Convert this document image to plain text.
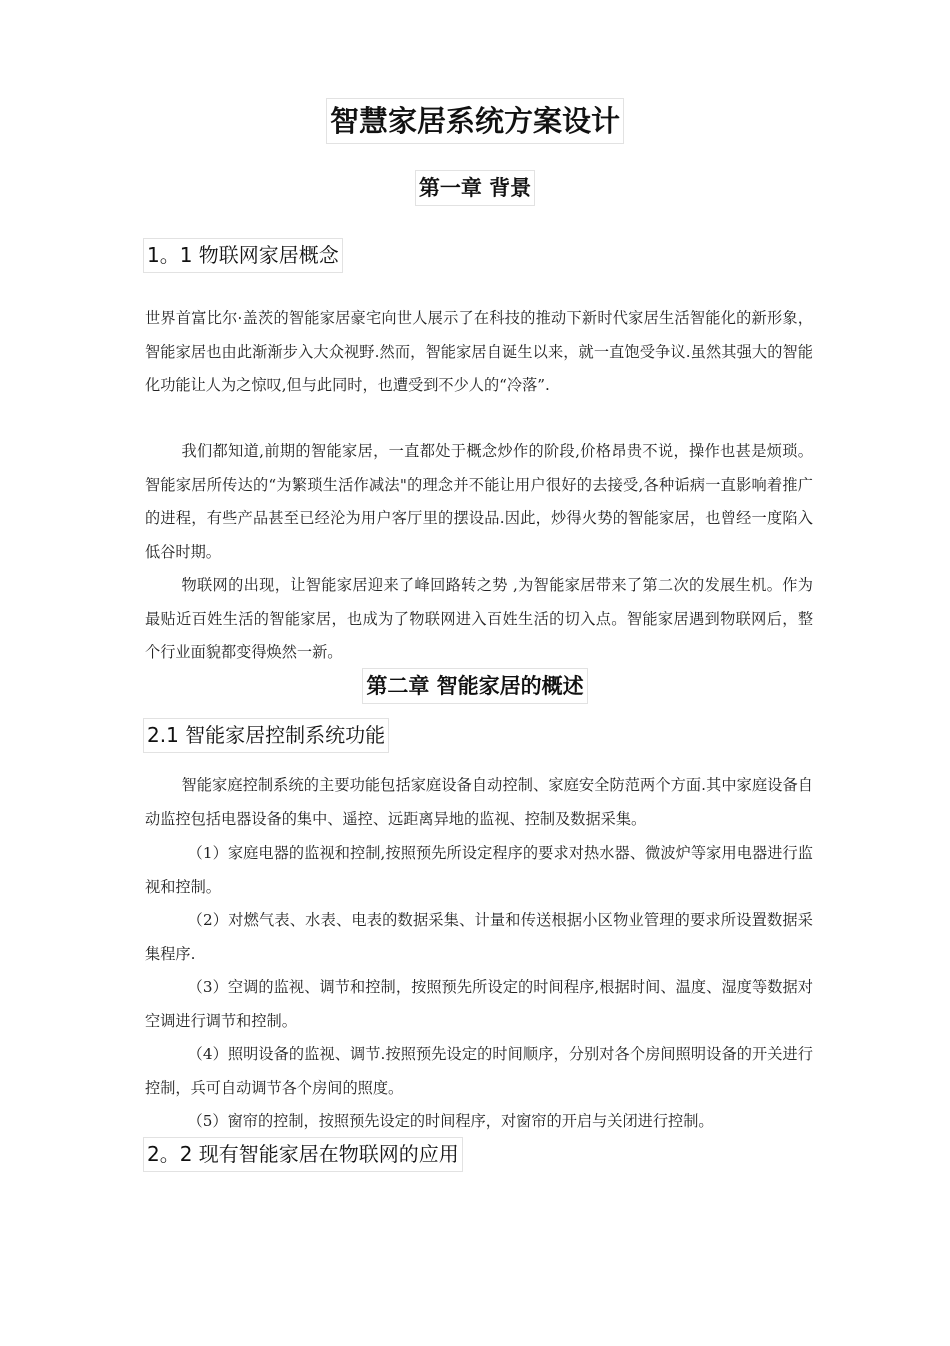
智慧家居系统方案设计
第一章 背景
1。1 物联网家居概念

世界首富比尔·盖茨的智能家居豪宅向世人展示了在科技的推动下新时代家居生活智能化的新形象，智能家居也由此渐渐步入大众视野.然而，智能家居自诞生以来，就一直饱受争议.虽然其强大的智能化功能让人为之惊叹,但与此同时，也遭受到不少人的“冷落”.

我们都知道,前期的智能家居，一直都处于概念炒作的阶段,价格昂贵不说，操作也甚是烦琐。智能家居所传达的“为繁琐生活作减法"的理念并不能让用户很好的去接受,各种诟病一直影响着推广的进程，有些产品甚至已经沦为用户客厅里的摆设品.因此，炒得火势的智能家居，也曾经一度陷入低谷时期。

物联网的出现，让智能家居迎来了峰回路转之势 ,为智能家居带来了第二次的发展生机。作为最贴近百姓生活的智能家居，也成为了物联网进入百姓生活的切入点。智能家居遇到物联网后，整个行业面貌都变得焕然一新。

第二章 智能家居的概述
2.1 智能家居控制系统功能

智能家庭控制系统的主要功能包括家庭设备自动控制、家庭安全防范两个方面.其中家庭设备自动监控包括电器设备的集中、遥控、远距离异地的监视、控制及数据采集。

（1）家庭电器的监视和控制,按照预先所设定程序的要求对热水器、微波炉等家用电器进行监视和控制。

（2）对燃气表、水表、电表的数据采集、计量和传送根据小区物业管理的要求所设置数据采集程序.

（3）空调的监视、调节和控制，按照预先所设定的时间程序,根据时间、温度、湿度等数据对空调进行调节和控制。

（4）照明设备的监视、调节.按照预先设定的时间顺序，分别对各个房间照明设备的开关进行控制，兵可自动调节各个房间的照度。

（5）窗帘的控制，按照预先设定的时间程序，对窗帘的开启与关闭进行控制。

2。2 现有智能家居在物联网的应用
